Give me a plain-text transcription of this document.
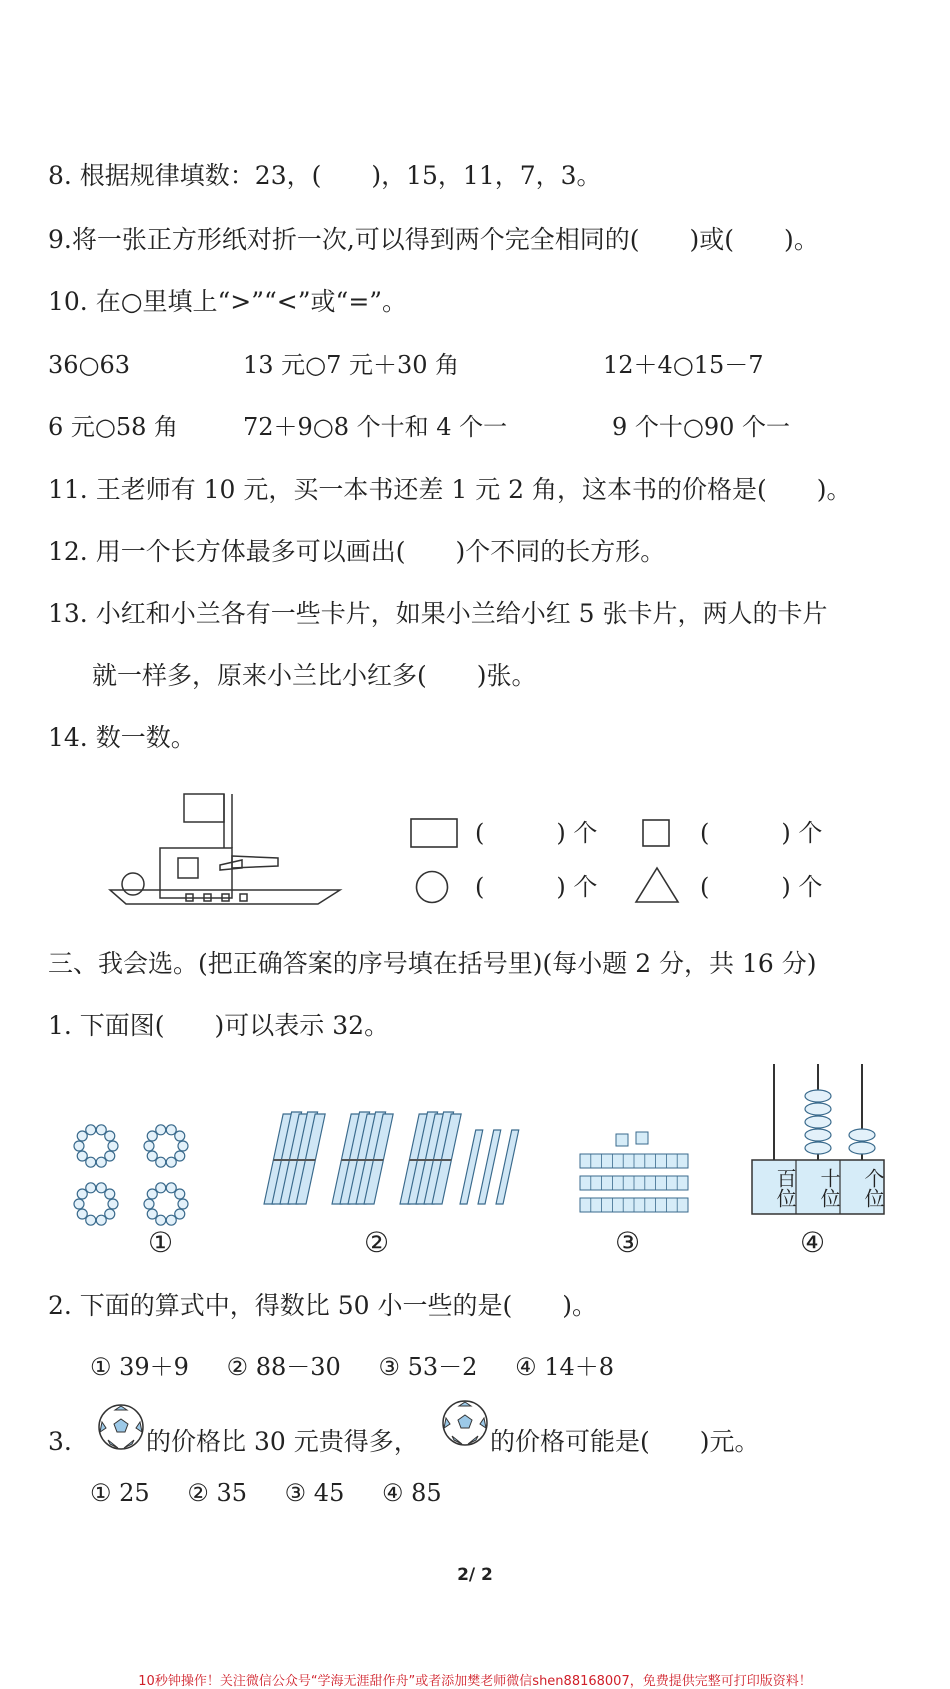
8. 根据规律填数：23，(　　)，15，11，7，3。
9.将一张正方形纸对折一次,可以得到两个完全相同的(　　)或(　　)。
10. 在○里填上“>”“<”或“=”。
36○63	13 元○7 元＋30 角	12＋4○15－7
6 元○58 角	72＋9○8 个十和 4 个一	9 个十○90 个一
11. 王老师有 10 元，买一本书还差 1 元 2 角，这本书的价格是(　　)。
12. 用一个长方体最多可以画出(　　)个不同的长方形。
13. 小红和小兰各有一些卡片，如果小兰给小红 5 张卡片，两人的卡片
就一样多，原来小兰比小红多(　　)张。
14. 数一数。
(　　　) 个	(　　　) 个
(　　　) 个	(　　　) 个
三、我会选。(把正确答案的序号填在括号里)(每小题 2 分，共 16 分)
1. 下面图(　　)可以表示 32。
百位	十位	个位
①	②	③	④
2. 下面的算式中，得数比 50 小一些的是(　　)。
① 39＋9 ② 88－30 ③ 53－2 ④ 14＋8
3.	的价格比 30 元贵得多，	的价格可能是(　　)元。
① 25 ② 35 ③ 45 ④ 85
2/ 2
10秒钟操作！关注微信公众号“学海无涯甜作舟”或者添加樊老师微信shen88168007，免费提供完整可打印版资料！
